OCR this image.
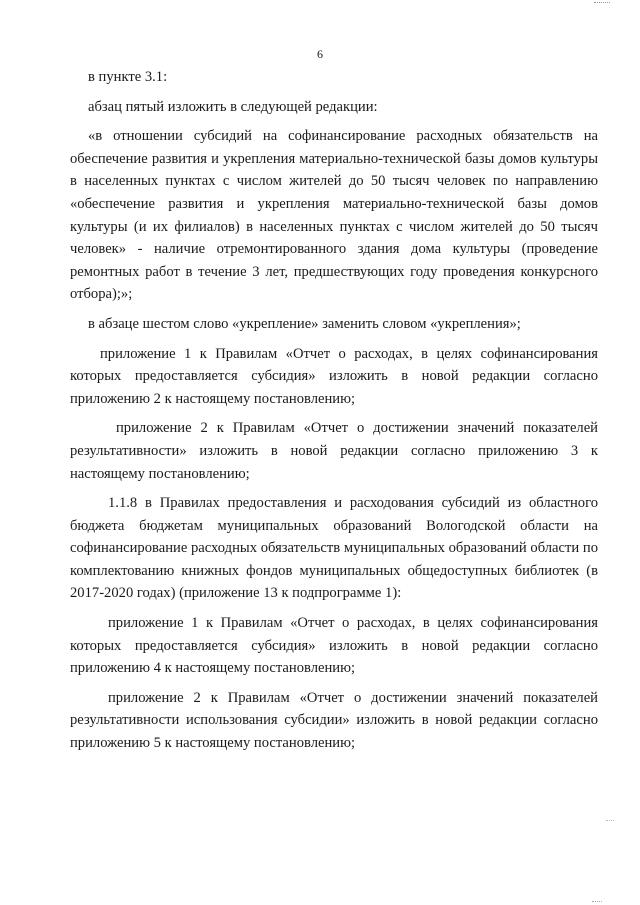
6

в пункте 3.1:

абзац пятый изложить в следующей редакции:

«в отношении субсидий на софинансирование расходных обязательств на обеспечение развития и укрепления материально-технической базы домов культуры в населенных пунктах с числом жителей до 50 тысяч человек по направлению «обеспечение развития и укрепления материально-технической базы домов культуры (и их филиалов) в населенных пунктах с числом жителей до 50 тысяч человек» - наличие отремонтированного здания дома культуры (проведение ремонтных работ в течение 3 лет, предшествующих году проведения конкурсного отбора);»;

в абзаце шестом слово «укрепление» заменить словом «укрепления»;

приложение 1 к Правилам «Отчет о расходах, в целях софинансирования которых предоставляется субсидия» изложить в новой редакции согласно приложению 2 к настоящему постановлению;

приложение 2 к Правилам «Отчет о достижении значений показателей результативности» изложить в новой редакции согласно приложению 3 к настоящему постановлению;

1.1.8 в Правилах предоставления и расходования субсидий из областного бюджета бюджетам муниципальных образований Вологодской области на софинансирование расходных обязательств муниципальных образований области по комплектованию книжных фондов муниципальных общедоступных библиотек (в 2017-2020 годах) (приложение 13 к подпрограмме 1):

приложение 1 к Правилам «Отчет о расходах, в целях софинансирования которых предоставляется субсидия» изложить в новой редакции согласно приложению 4 к настоящему постановлению;

приложение 2 к Правилам «Отчет о достижении значений показателей результативности использования субсидии» изложить в новой редакции согласно приложению 5 к настоящему постановлению;
